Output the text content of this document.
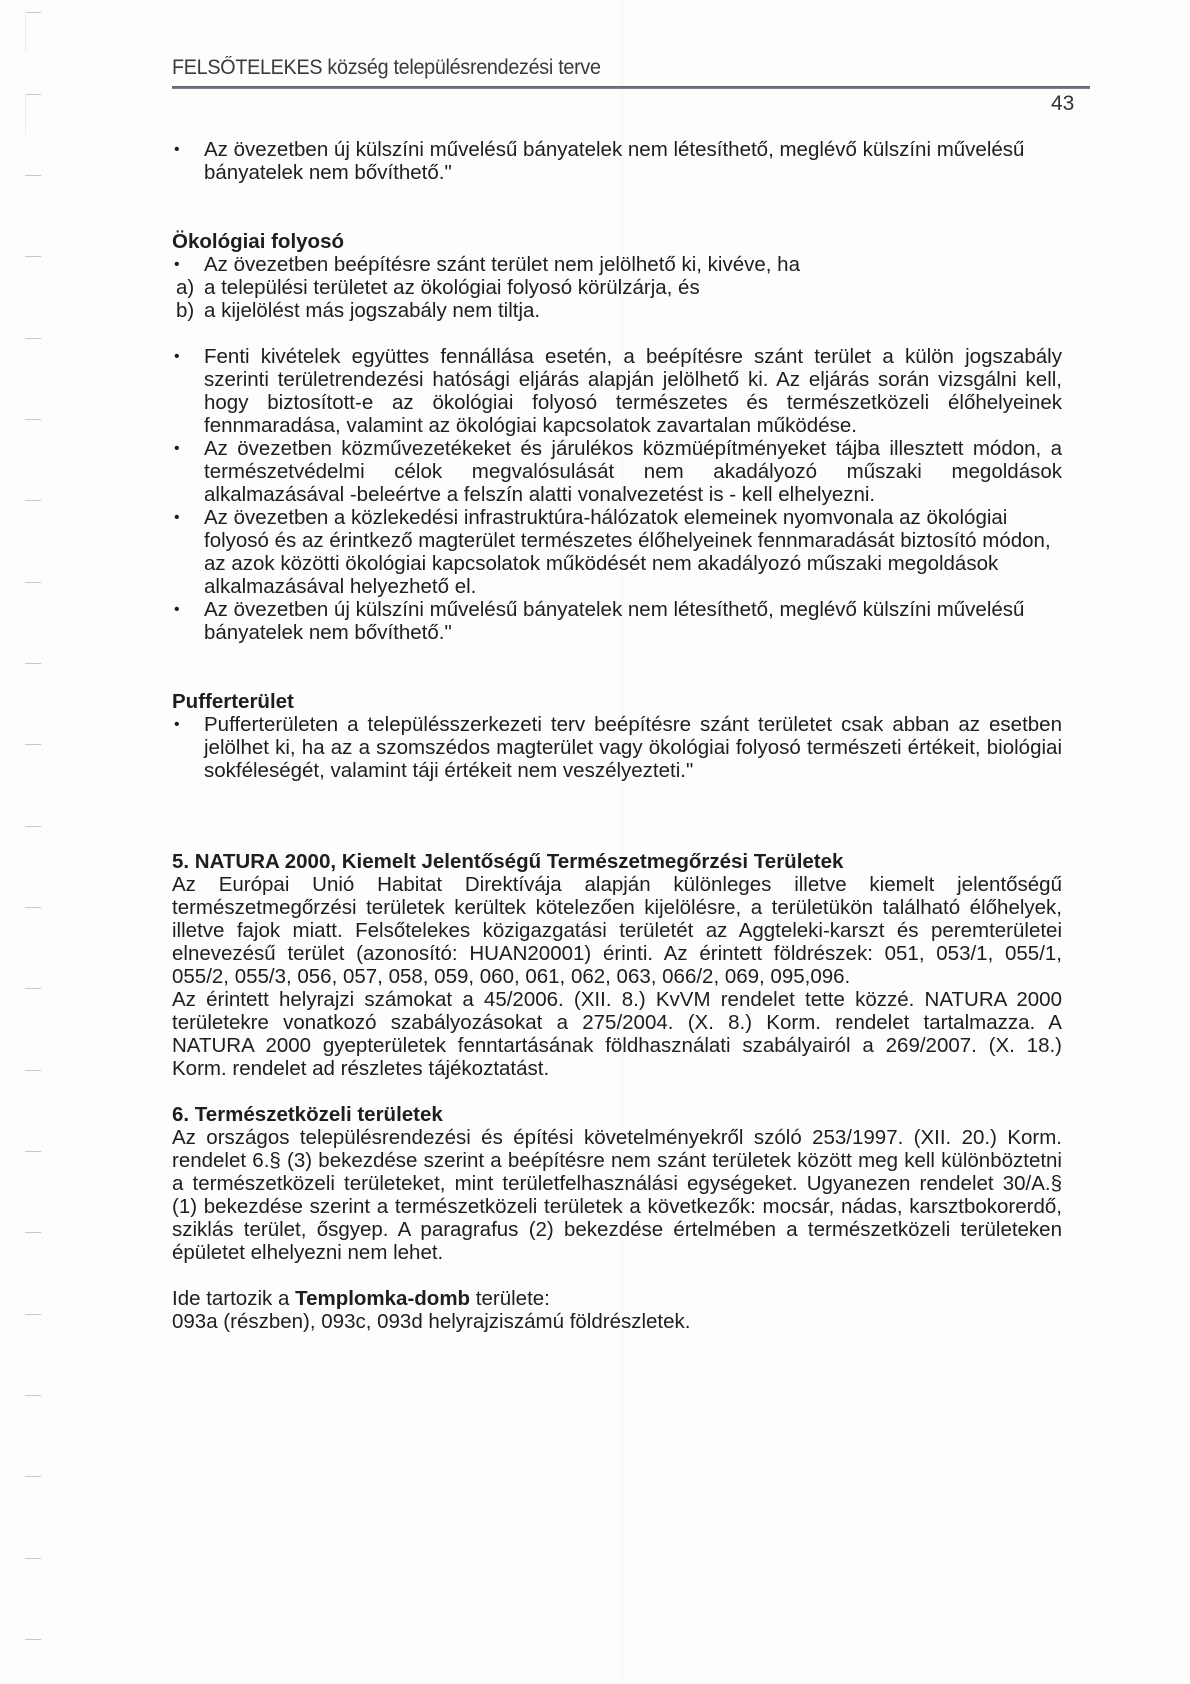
FELSŐTELEKES község településrendezési terve
43
• Az övezetben új külszíni művelésű bányatelek nem létesíthető, meglévő külszíni művelésű bányatelek nem bővíthető."
Ökológiai folyosó
• Az övezetben beépítésre szánt terület nem jelölhető ki, kivéve, ha
a) a települési területet az ökológiai folyosó körülzárja, és
b) a kijelölést más jogszabály nem tiltja.
• Fenti kivételek együttes fennállása esetén, a beépítésre szánt terület a külön jogszabály szerinti területrendezési hatósági eljárás alapján jelölhető ki. Az eljárás során vizsgálni kell, hogy biztosított-e az ökológiai folyosó természetes és természetközeli élőhelyeinek fennmaradása, valamint az ökológiai kapcsolatok zavartalan működése.
• Az övezetben közművezetékeket és járulékos közmüépítményeket tájba illesztett módon, a természetvédelmi célok megvalósulását nem akadályozó műszaki megoldások alkalmazásával -beleértve a felszín alatti vonalvezetést is - kell elhelyezni.
• Az övezetben a közlekedési infrastruktúra-hálózatok elemeinek nyomvonala az ökológiai folyosó és az érintkező magterület természetes élőhelyeinek fennmaradását biztosító módon, az azok közötti ökológiai kapcsolatok működését nem akadályozó műszaki megoldások alkalmazásával helyezhető el.
• Az övezetben új külszíni művelésű bányatelek nem létesíthető, meglévő külszíni művelésű bányatelek nem bővíthető."
Pufferterület
• Pufferterületen a településszerkezeti terv beépítésre szánt területet csak abban az esetben jelölhet ki, ha az a szomszédos magterület vagy ökológiai folyosó természeti értékeit, biológiai sokféleségét, valamint táji értékeit nem veszélyezteti."
5. NATURA 2000, Kiemelt Jelentőségű Természetmegőrzési Területek

Az Európai Unió Habitat Direktívája alapján különleges illetve kiemelt jelentőségű természetmegőrzési területek kerültek kötelezően kijelölésre, a területükön található élőhelyek, illetve fajok miatt. Felsőtelekes közigazgatási területét az Aggteleki-karszt és peremterületei elnevezésű terület (azonosító: HUAN20001) érinti. Az érintett földrészek: 051, 053/1, 055/1, 055/2, 055/3, 056, 057, 058, 059, 060, 061, 062, 063, 066/2, 069, 095,096.

Az érintett helyrajzi számokat a 45/2006. (XII. 8.) KvVM rendelet tette közzé. NATURA 2000 területekre vonatkozó szabályozásokat a 275/2004. (X. 8.) Korm. rendelet tartalmazza. A NATURA 2000 gyepterületek fenntartásának földhasználati szabályairól a 269/2007. (X. 18.) Korm. rendelet ad részletes tájékoztatást.

6. Természetközeli területek

Az országos településrendezési és építési követelményekről szóló 253/1997. (XII. 20.) Korm. rendelet 6.§ (3) bekezdése szerint a beépítésre nem szánt területek között meg kell különböztetni a természetközeli területeket, mint területfelhasználási egységeket. Ugyanezen rendelet 30/A.§ (1) bekezdése szerint a természetközeli területek a következők: mocsár, nádas, karsztbokorerdő, sziklás terület, ősgyep. A paragrafus (2) bekezdése értelmében a természetközeli területeken épületet elhelyezni nem lehet.

Ide tartozik a Templomka-domb területe:

093a (részben), 093c, 093d helyrajziszámú földrészletek.
